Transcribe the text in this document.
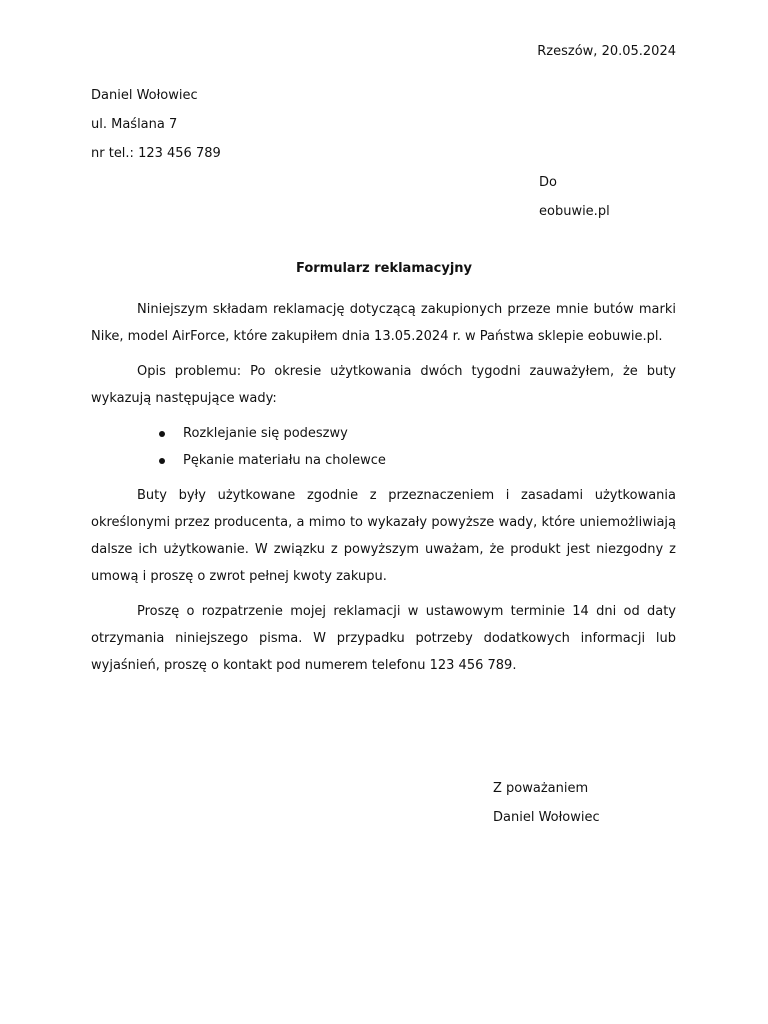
Rzeszów, 20.05.2024
Daniel Wołowiec
ul. Maślana 7
nr tel.: 123 456 789
Do
eobuwie.pl
Formularz reklamacyjny

Niniejszym składam reklamację dotyczącą zakupionych przeze mnie butów marki Nike, model AirForce, które zakupiłem dnia 13.05.2024 r. w Państwa sklepie eobuwie.pl.

Opis problemu: Po okresie użytkowania dwóch tygodni zauważyłem, że buty wykazują następujące wady:

Rozklejanie się podeszwy
Pękanie materiału na cholewce

Buty były użytkowane zgodnie z przeznaczeniem i zasadami użytkowania określonymi przez producenta, a mimo to wykazały powyższe wady, które uniemożliwiają dalsze ich użytkowanie. W związku z powyższym uważam, że produkt jest niezgodny z umową i proszę o zwrot pełnej kwoty zakupu.

Proszę o rozpatrzenie mojej reklamacji w ustawowym terminie 14 dni od daty otrzymania niniejszego pisma. W przypadku potrzeby dodatkowych informacji lub wyjaśnień, proszę o kontakt pod numerem telefonu 123 456 789.

Z poważaniem
Daniel Wołowiec
